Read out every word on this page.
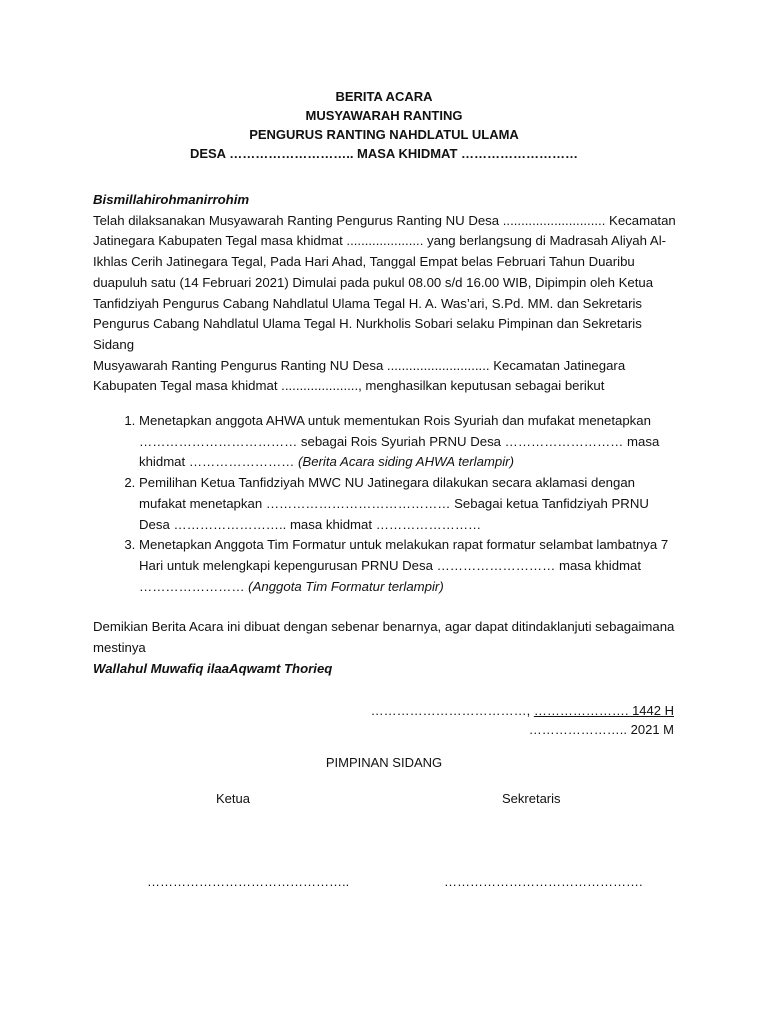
BERITA ACARA
MUSYAWARAH RANTING
PENGURUS RANTING NAHDLATUL ULAMA
DESA ……………………….. MASA KHIDMAT ………………………
Bismillahirohmanirrohim

Telah dilaksanakan Musyawarah Ranting Pengurus Ranting NU Desa ............................ Kecamatan Jatinegara Kabupaten Tegal masa khidmat ..................... yang berlangsung di Madrasah Aliyah Al-Ikhlas Cerih Jatinegara Tegal, Pada Hari Ahad, Tanggal Empat belas Februari Tahun Duaribu duapuluh satu (14 Februari 2021) Dimulai pada pukul 08.00 s/d 16.00 WIB, Dipimpin oleh Ketua Tanfidziyah Pengurus Cabang Nahdlatul Ulama Tegal H. A. Was’ari, S.Pd. MM. dan Sekretaris Pengurus Cabang Nahdlatul Ulama Tegal H. Nurkholis Sobari selaku Pimpinan dan Sekretaris Sidang

Musyawarah Ranting Pengurus Ranting NU Desa ............................ Kecamatan Jatinegara Kabupaten Tegal masa khidmat ....................., menghasilkan keputusan sebagai berikut

1. Menetapkan anggota AHWA untuk mementukan Rois Syuriah dan mufakat menetapkan ……………………………… sebagai Rois Syuriah PRNU Desa ……………………… masa khidmat …………………… (Berita Acara siding AHWA terlampir)
2. Pemilihan Ketua Tanfidziyah MWC NU Jatinegara dilakukan secara aklamasi dengan mufakat menetapkan …………………………………… Sebagai ketua Tanfidziyah PRNU Desa …………………….. masa khidmat ……………………
3. Menetapkan Anggota Tim Formatur untuk melakukan rapat formatur selambat lambatnya 7 Hari untuk melengkapi kepengurusan PRNU Desa ……………………… masa khidmat …………………… (Anggota Tim Formatur terlampir)

Demikian Berita Acara ini dibuat dengan sebenar benarnya, agar dapat ditindaklanjuti sebagaimana mestinya

Wallahul Muwafiq ilaaAqwamt Thorieq
………………………………, …………………. 1442 H
………………….. 2021 M
PIMPINAN SIDANG
Ketua	Sekretaris
………………………………………..	……………………………………….
